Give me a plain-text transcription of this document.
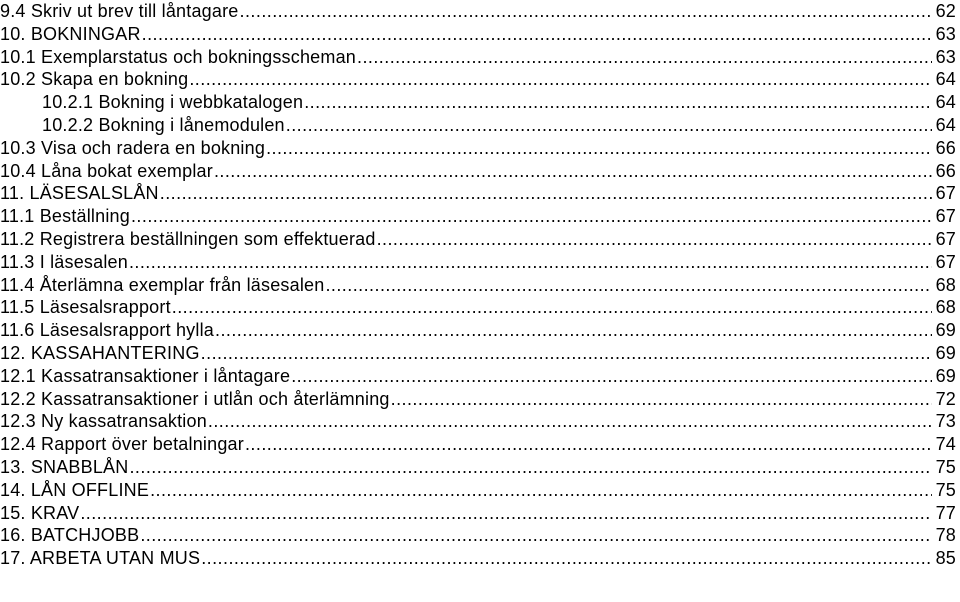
9.4 Skriv ut brev till låntagare .....	62
10. BOKNINGAR .....	63
10.1 Exemplarstatus och bokningsscheman .....	63
10.2 Skapa en bokning .....	64
10.2.1 Bokning i webbkatalogen .....	64
10.2.2 Bokning i lånemodulen .....	64
10.3 Visa och radera en bokning .....	66
10.4 Låna bokat exemplar .....	66
11. LÄSESALSLÅN .....	67
11.1 Beställning .....	67
11.2 Registrera beställningen som effektuerad .....	67
11.3 I läsesalen .....	67
11.4 Återlämna exemplar från läsesalen .....	68
11.5 Läsesalsrapport .....	68
11.6 Läsesalsrapport hylla .....	69
12. KASSAHANTERING .....	69
12.1 Kassatransaktioner i låntagare .....	69
12.2 Kassatransaktioner i utlån och återlämning .....	72
12.3 Ny kassatransaktion .....	73
12.4 Rapport över betalningar .....	74
13. SNABBLÅN .....	75
14. LÅN OFFLINE .....	75
15. KRAV .....	77
16. BATCHJOBB .....	78
17. ARBETA UTAN MUS .....	85
